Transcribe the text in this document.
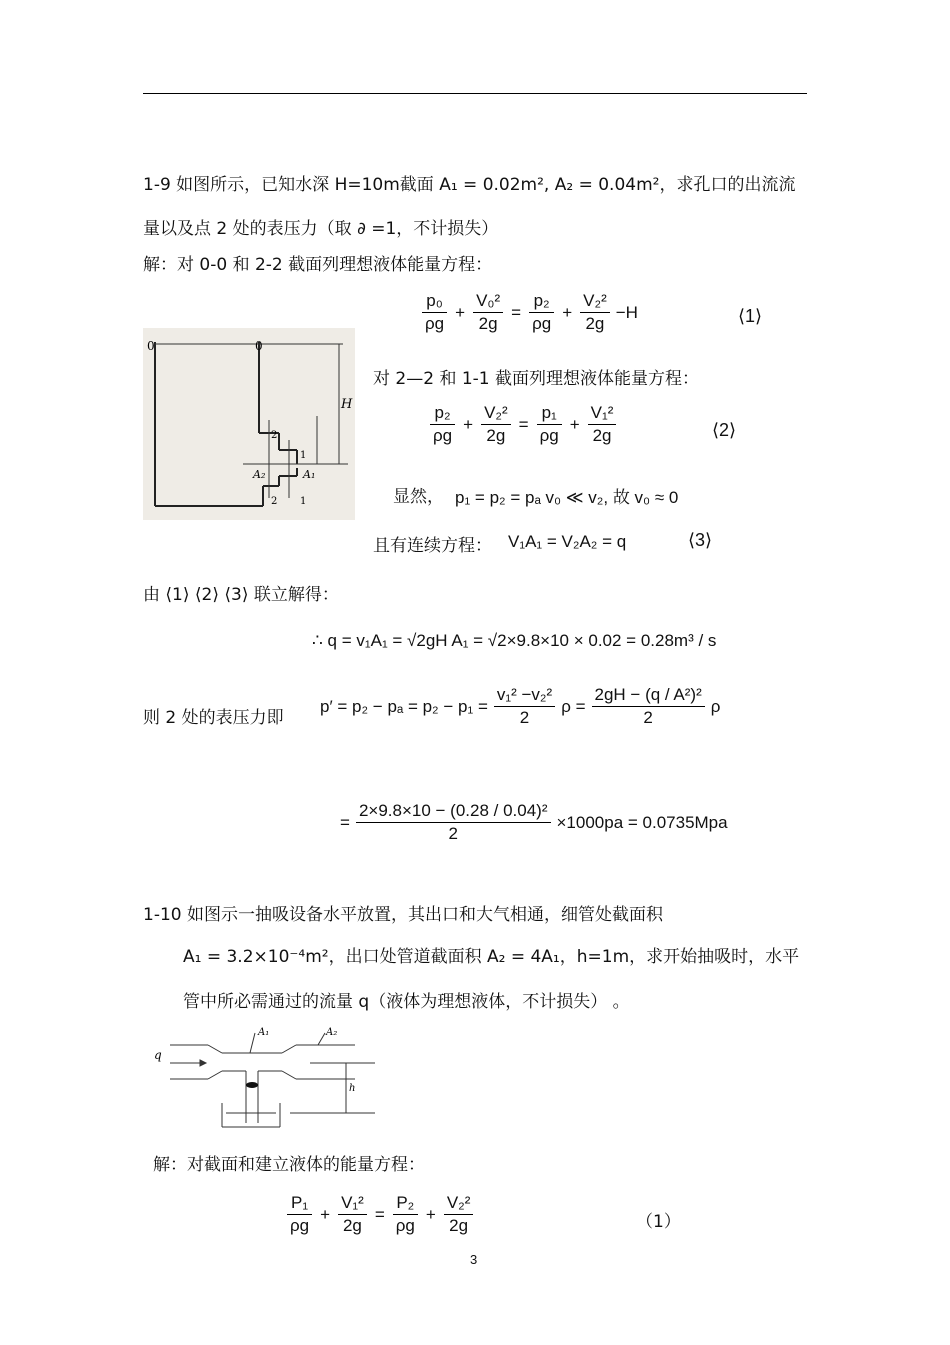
1-9 如图所示，已知水深 H=10m截面 A₁ = 0.02m², A₂ = 0.04m²，求孔口的出流流
量以及点 2 处的表压力（取 ∂ =1，不计损失）
解：对 0-0 和 2-2 截面列理想液体能量方程：
$\frac{\text{p₀}}{\rho g} + \frac{\text{V₀²}}{2g} = \frac{\text{p₂}}{\rho g} + \frac{\text{V₂²}}{2g} -H$	⟨1⟩
0	0
H
A₂	A₁
2
2
1
1
对 2—2 和 1-1 截面列理想液体能量方程：
$\frac{\text{p₂}}{\rho g} + \frac{\text{V₂²}}{2g} = \frac{\text{p₁}}{\rho g} + \frac{\text{V₁²}}{2g}$	⟨2⟩
显然， p₁ = p₂ = pₐ v₀ ≪ v₂, 故 v₀ ≈ 0
且有连续方程： V₁A₁ = V₂A₂ = q	⟨3⟩
由 ⟨1⟩ ⟨2⟩ ⟨3⟩ 联立解得：
∴ q = v₁A₁ = √2gH A₁ = √2×9.8×10 × 0.02 = 0.28m³ / s
则 2 处的表压力即
$p' = p_2 - p_a = p_2 - p_1 = \frac{\text{v₁² −v₂²}}{2}$ $\rho = \frac{\text{2gH − (q / A²)²}}{2}$ ρ
= $\frac{\text{2×9.8×10 − (0.28 / 0.04)²}}{2} \times 1000pa = 0.0735Mpa$
1-10 如图示一抽吸设备水平放置，其出口和大气相通，细管处截面积
A₁ = 3.2×10⁻⁴m²，出口处管道截面积 A₂ = 4A₁，h=1m，求开始抽吸时，水平
管中所必需通过的流量 q（液体为理想液体，不计损失） 。
q
A₁	A₂
h
解：对截面和建立液体的能量方程：
$\frac{\text{P₁}}{\rho g} + \frac{\text{V₁²}}{2g} = \frac{\text{P₂}}{\rho g} + \frac{\text{V₂²}}{2g}$	（1）
3
